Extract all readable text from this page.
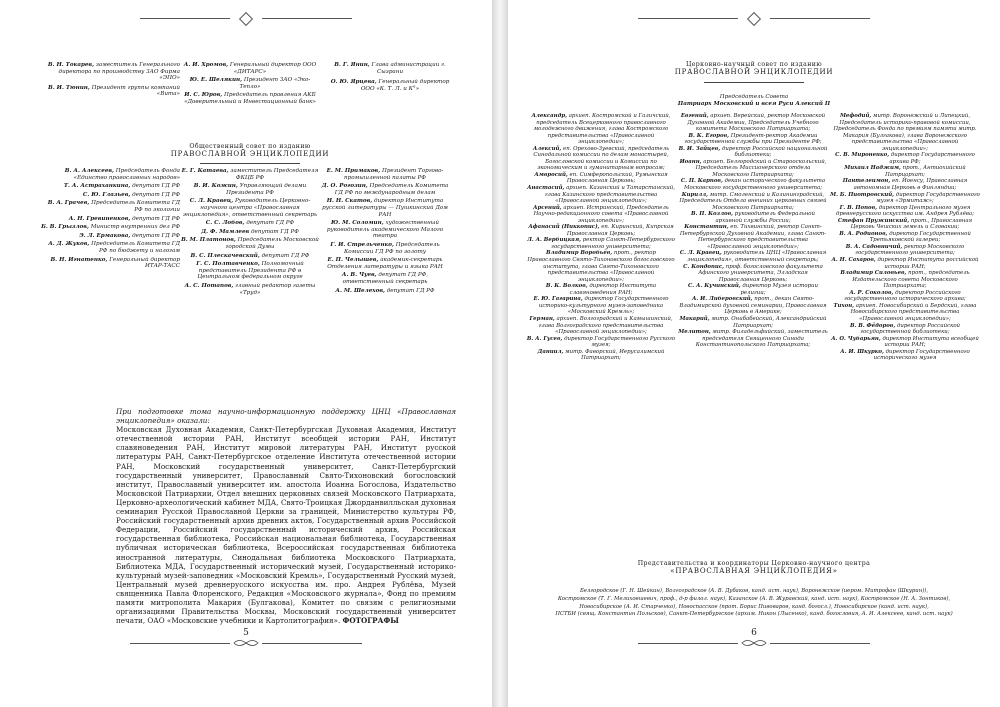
В. Н. Токарев, заместитель Генерального директора по производству ЗАО Фирма «ЭПО»
В. И. Тюнин, Президент группы компаний «Вита»
А. И. Хромов, Генеральный директор ООО «ДИТАРС»
Ю. Е. Шелякин, Президент ЗАО «Эко-Тепло»
И. С. Юров, Председатель правления АКБ «Доверительный и Инвестиционный банк»
В. Г. Янин, Глава администрации г. Сызрани
О. Ю. Ярцева, Генеральный директор ООО «К. Т. Л. и К°»
Общественный совет по изданию
ПРАВОСЛАВНОЙ ЭНЦИКЛОПЕДИИ
В. А. Алексеев, Председатель Фонда «Единство православных народов»
Т. А. Астраханкина, депутат ГД РФ
С. Ю. Глазьев, депутат ГД РФ
В. А. Грачев, Председатель Комитета ГД РФ по экологии
А. Н. Гревиненков, депутат ГД РФ
Б. В. Грызлов, Министр внутренних дел РФ
Э. Л. Ермакова, депутат ГД РФ
А. Д. Жуков, Председатель Комитета ГД РФ по бюджету и налогам
В. Н. Игнатенко, Генеральный директор ИТАР-ТАСС
Е. Г. Катаева, заместитель Председателя ФКЦБ РФ
В. И. Кожин, Управляющий делами Президента РФ
С. Л. Кравец, Руководитель Церковно-научного центра «Православная энциклопедия», ответственный секретарь
С. С. Лобов, депутат ГД РФ
Д. Ф. Мамлеев депутат ГД РФ
В. М. Платонов, Председатель Московской городской Думы
В. С. Плескачевский, депутат ГД РФ
Г. С. Полтавченко, Полномочный представитель Президента РФ в Центральном федеральном округе
А. С. Потапов, главный редактор газеты «Труд»
Е. М. Примаков, Президент Торгово-промышленной палаты РФ
Д. О. Рогозин, Председатель Комитета ГД РФ по международным делам
Н. Н. Скатов, директор Института русской литературы — Пушкинский Дом РАН
Ю. М. Соломин, художественный руководитель академического Малого театра
Г. И. Стрельченко, Председатель Комиссии ГД РФ по золоту
Е. П. Челышев, академик-секретарь Отделения литературы и языка РАН
А. В. Чуев, депутат ГД РФ, ответственный секретарь
А. М. Шелехов, депутат ГД РФ
При подготовке тома научно-информационную поддержку ЦНЦ «Православная энциклопедия» оказали:
Московская Духовная Академия, Санкт-Петербургская Духовная Академия, Институт отечественной истории РАН, Институт всеобщей истории РАН, Институт славяноведения РАН, Институт мировой литературы РАН, Институт русской литературы РАН, Санкт-Петербургское отделение Института отечественной истории РАН, Московский государственный университет, Санкт-Петербургский государственный университет, Православный Свято-Тихоновский богословский институт, Православный университет им. апостола Иоанна Богослова, Издательство Московской Патриархии, Отдел внешних церковных связей Московского Патриархата, Церковно-археологический кабинет МДА, Свято-Троицкая Джорданвилльская духовная семинария Русской Православной Церкви за границей, Министерство культуры РФ, Российский государственный архив древних актов, Государственный архив Российской Федерации, Российский государственный исторический архив, Российская государственная библиотека, Российская национальная библиотека, Государственная публичная историческая библиотека, Всероссийская государственная библиотека иностранной литературы, Синодальная библиотека Московского Патриархата, Библиотека МДА, Государственный исторический музей, Государственный историко-культурный музей-заповедник «Московский Кремль», Государственный Русский музей, Центральный музей древнерусского искусства им. про. Андрея Рублёва, Музей священника Павла Флоренского, Редакция «Московского журнала», Фонд по премиям памяти митрополита Макария (Булгакова), Комитет по связям с религиозными организациями Правительства Москвы, Московский государственный университет печати, ОАО «Московские учебники и Картолитография». ФОТОГРАФЫ
5
Церковно-научный совет по изданию
ПРАВОСЛАВНОЙ ЭНЦИКЛОПЕДИИ
Председатель Совета
Патриарх Московский и всея Руси Алексий II
Александр, архиеп. Костромской и Галичский, председатель Всецерковного православного молодежного движения, глава Костромского представительства «Православной энциклопедии»;
Алексий, еп. Орехово-Зуевский, председатель Синодальной комиссии по делам монастырей, Богословской комиссии и Комиссии по экономическим и гуманитарным вопросам;
Амвросий, еп. Симферопольский, Румынская Православная Церковь;
Анастасий, архиеп. Казанский и Татарстанский, глава Казанского представительства «Православной энциклопедии»;
Арсений, архиеп. Истринский, Председатель Научно-редакционного совета «Православной энциклопедии»;
Афанасий (Никкопис), еп. Киринский, Кипрская Православная Церковь;
Л. А. Вербицкая, ректор Санкт-Петербургского государственного университета;
Владимир Воробьёв, прот., ректор Православного Свято-Тихоновского богословского института, глава Свято-Тихоновского представительства «Православной энциклопедии»;
В. К. Волков, директор Института славяноведения РАН;
Е. Ю. Гагарина, директор Государственного историко-культурного музея-заповедника «Московский Кремль»;
Герман, архиеп. Волгоградский и Камышинский, глава Волгоградского представительства «Православной энциклопедии»;
В. А. Гусев, директор Государственного Русского музея;
Даниил, митр. Фаворский, Иерусалимский Патриархат;
Евгений, архиеп. Верейский, ректор Московской Духовной Академии, Председатель Учебного комитета Московского Патриархата;
В. К. Егоров, Президент-ректор Академии государственной службы при Президенте РФ;
В. И. Зайцев, директор Российской национальной библиотеки;
Иоанн, архиеп. Белгородский и Старооскольский, Председатель Миссионерского отдела Московского Патриархата;
С. П. Карпов, декан исторического факультета Московского государственного университета;
Кирилл, митр. Смоленский и Калининградский, Председатель Отдела внешних церковных связей Московского Патриархата;
В. П. Козлов, руководитель Федеральной архивной службы России;
Константин, еп. Тихвинский, ректор Санкт-Петербургской Духовной Академии, глава Санкт-Петербургского представительства «Православной энциклопедии»;
С. Л. Кравец, руководитель ЦНЦ «Православная энциклопедия», ответственный секретарь;
С. Кондопис, проф. богословского факультета Афинского университета, Элладская Православная Церковь;
С. А. Кучинский, директор Музея истории религии;
А. И. Либеровский, прот., декан Свято-Владимирской духовной семинарии, Православная Церковь в Америке;
Макарий, митр. Онибабейский, Александрийский Патриархат;
Мелитон, митр. Филадельфийский, заместитель председателя Священного Синода Константинопольского Патриархата;
Мефодий, митр. Воронежский и Липецкий, Председатель историко-правовой комиссии, Председатель Фонда по премиям памяти митр. Макария (Булгакова), глава Воронежского представительства «Православной энциклопедии»;
С. В. Мироненко, директор Государственного архива РФ;
Михаил Наджим, прот., Антиохийский Патриархат;
Пантелеимон, еп. Йоенсу, Православная автономная Церковь в Финляндии;
М. Б. Пиотровский, директор Государственного музея «Эрмитаж»;
Г. В. Попов, директор Центрального музея древнерусского искусства им. Андрея Рублёва;
Стефан Пружинский, прот., Православная Церковь Чешских земель и Словакии;
В. А. Родионов, директор Государственной Третьяковской галереи;
В. А. Садовничий, ректор Московского государственного университета;
А. Н. Сахаров, директор Института российской истории РАН;
Владимир Силовьев, прот., председатель Издательского совета Московского Патриархата;
А. Р. Соколов, директор Российского государственного исторического архива;
Тихон, архиеп. Новосибирский и Бердский, глава Новосибирского представительства «Православной энциклопедии»;
В. В. Фёдоров, директор Российской государственной библиотеки;
А. О. Чубарьян, директор Института всеобщей истории РАН;
А. И. Шкурко, директор Государственного исторического музея
Представительства и координаторы Церковно-научного центра
«ПРАВОСЛАВНАЯ ЭНЦИКЛОПЕДИЯ»
Белгородское (Г. Н. Шейкин), Волгоградское (А. В. Дубаков, канд. ист. наук), Воронежское (иером. Митрофан (Шкурин)),
Костромское (Т. Г. Мелиховшевич, проф., д-р филол. наук), Казанское (А. В. Журавский, канд. ист. наук), Костромское (Н. А. Зонтиков),
Новосибирское (А. И. Старченко), Новоспасское (прот. Борис Пивоваров, канд. богосл.), Новосибирское (канд. ист. наук),
ПСТБИ (свящ. Константин Польсков), Санкт-Петербургское (архим. Никон (Лысенко), канд. богословия, А. И. Алексеев, канд. ист. наук)
6
